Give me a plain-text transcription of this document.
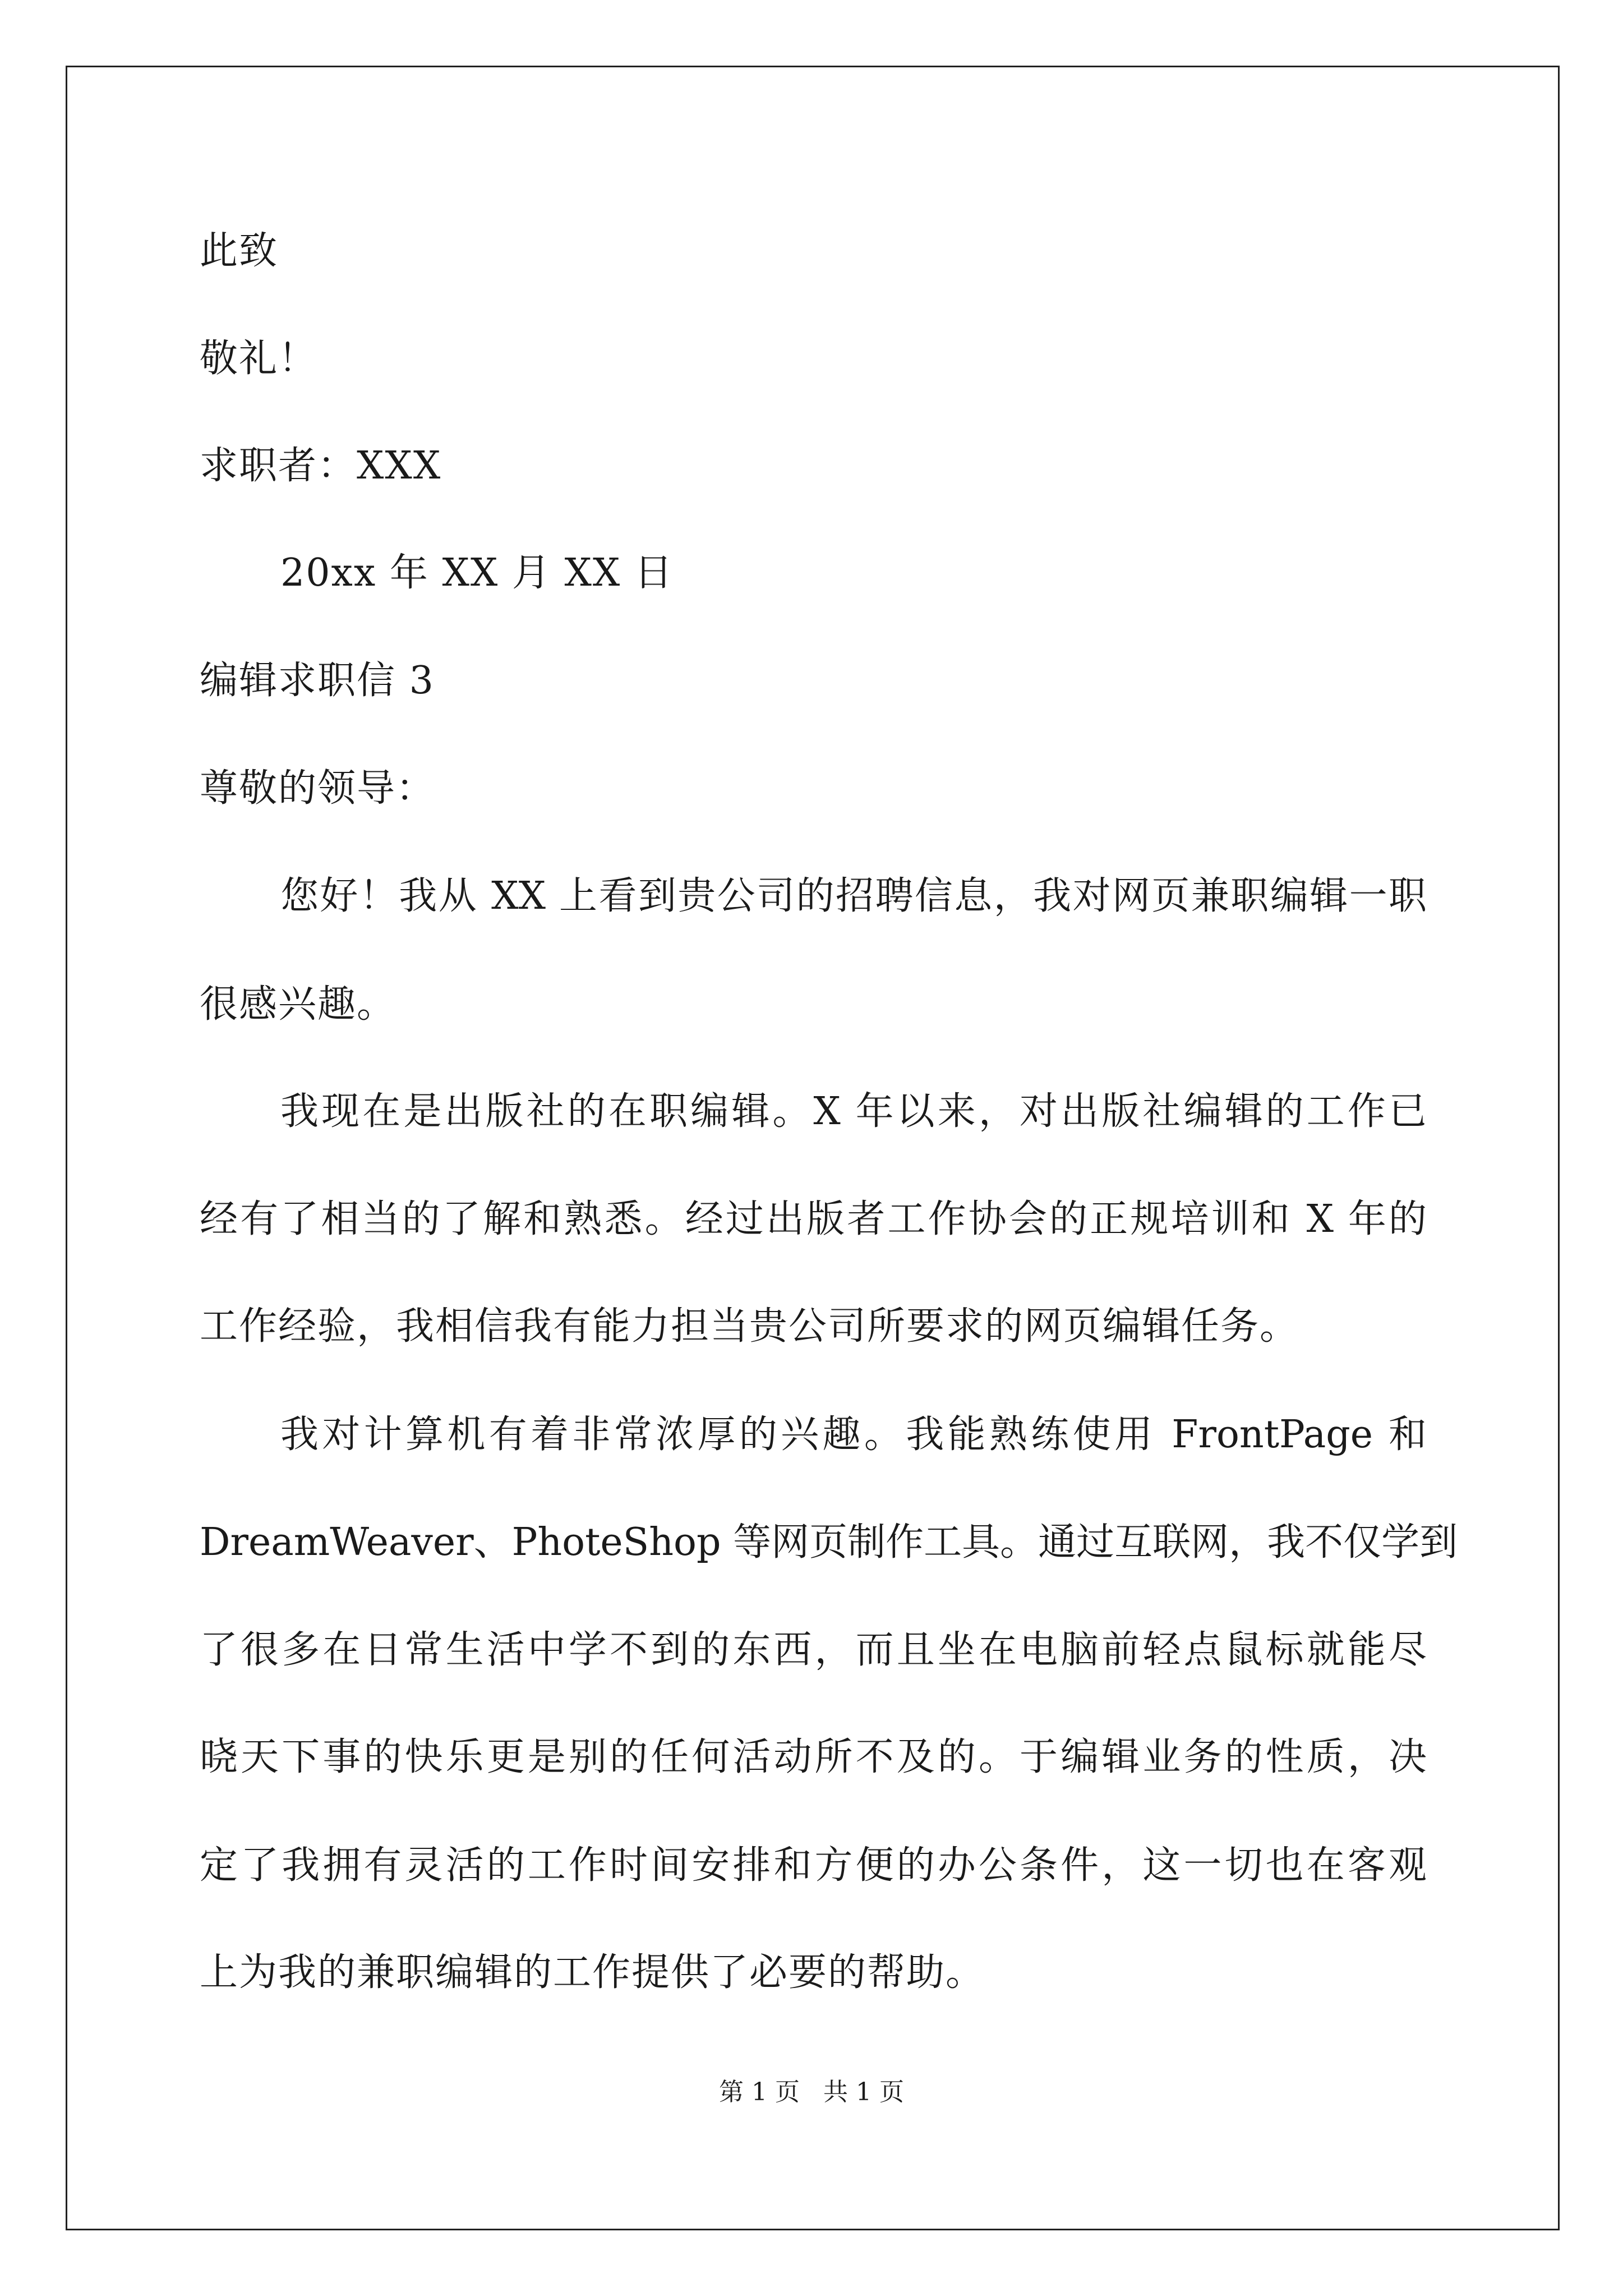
此致
敬礼！
求职者：XXX
20xx 年 XX 月 XX 日
编辑求职信 3
尊敬的领导：
您好！我从 XX 上看到贵公司的招聘信息，我对网页兼职编辑一职
很感兴趣。
我现在是出版社的在职编辑。X 年以来，对出版社编辑的工作已
经有了相当的了解和熟悉。经过出版者工作协会的正规培训和 X 年的
工作经验，我相信我有能力担当贵公司所要求的网页编辑任务。
我对计算机有着非常浓厚的兴趣。我能熟练使用 FrontPage 和
DreamWeaver、PhoteShop 等网页制作工具。通过互联网，我不仅学到
了很多在日常生活中学不到的东西，而且坐在电脑前轻点鼠标就能尽
晓天下事的快乐更是别的任何活动所不及的。于编辑业务的性质，决
定了我拥有灵活的工作时间安排和方便的办公条件，这一切也在客观
上为我的兼职编辑的工作提供了必要的帮助。
第 1 页   共 1 页
